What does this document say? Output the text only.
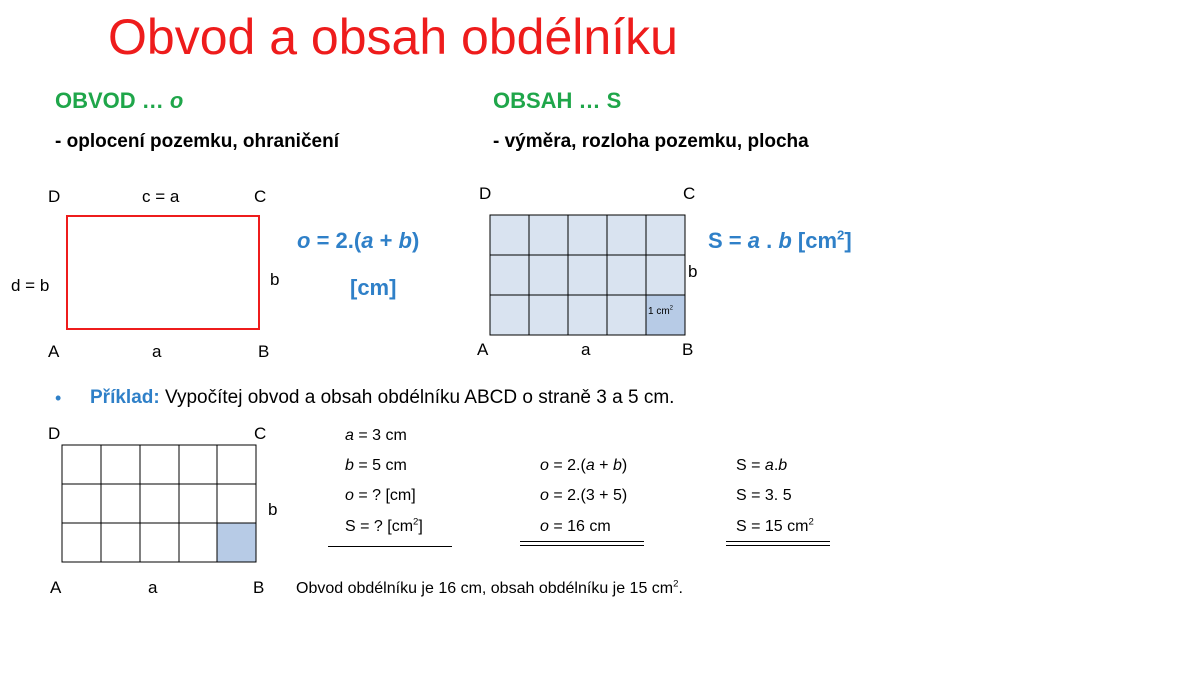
Obvod a obsah obdélníku
OBVOD … o	OBSAH … S
- oplocení pozemku, ohraničení	- výměra, rozloha pozemku, plocha
D	c = a	C
d = b	b
A	a	B
o = 2.(a + b)
[cm]
1 $cm^2$
D	C
b
A	a	B
S = a . b $[cm^2]$
• Příklad: Vypočítej obvod a obsah obdélníku ABCD o straně 3 a 5 cm.
D	C
b
A	a	B
a = 3 cm
b = 5 cm
o = ? [cm]
S = ? $[cm^2]$
o = 2.(a + b)
o = 2.(3 + 5)
o = 16 cm
S = a.b
S = 3. 5
S = 15 $cm^2$
Obvod obdélníku je 16 cm, obsah obdélníku je 15 $cm^2$.
